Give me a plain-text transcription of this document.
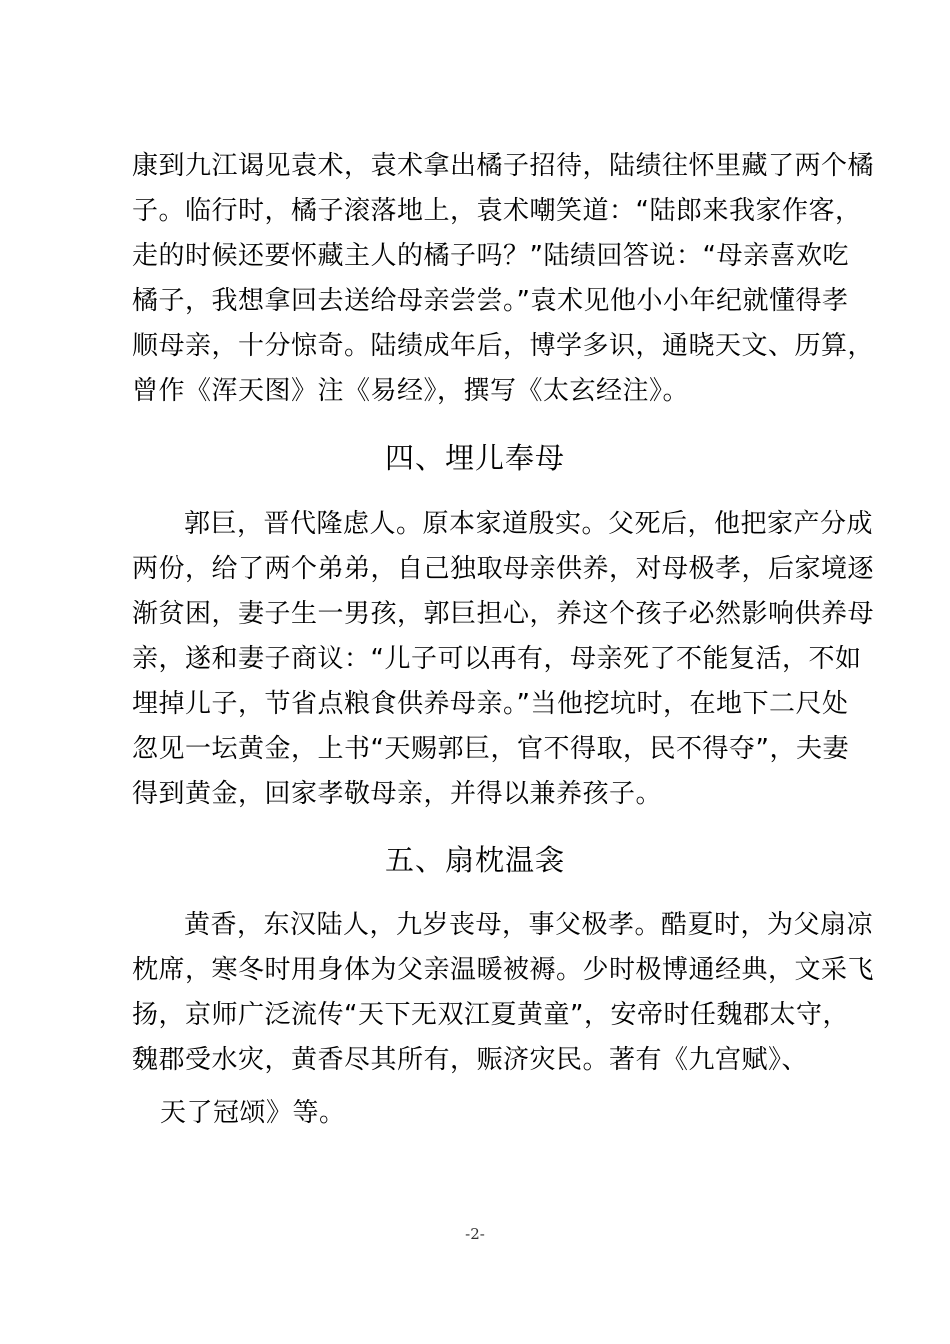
康到九江谒见袁术，袁术拿出橘子招待，陆绩往怀里藏了两个橘
子。临行时，橘子滚落地上，袁术嘲笑道：“陆郎来我家作客，
走的时候还要怀藏主人的橘子吗？”陆绩回答说：“母亲喜欢吃
橘子，我想拿回去送给母亲尝尝。”袁术见他小小年纪就懂得孝
顺母亲，十分惊奇。陆绩成年后，博学多识，通晓天文、历算，
曾作《浑天图》注《易经》，撰写《太玄经注》。
四、埋儿奉母
郭巨，晋代隆虑人。原本家道殷实。父死后，他把家产分成
两份，给了两个弟弟，自己独取母亲供养，对母极孝，后家境逐
渐贫困，妻子生一男孩，郭巨担心，养这个孩子必然影响供养母
亲，遂和妻子商议：“儿子可以再有，母亲死了不能复活，不如
埋掉儿子，节省点粮食供养母亲。”当他挖坑时，在地下二尺处
忽见一坛黄金，上书“天赐郭巨，官不得取，民不得夺”，夫妻
得到黄金，回家孝敬母亲，并得以兼养孩子。
五、扇枕温衾
黄香，东汉陆人，九岁丧母，事父极孝。酷夏时，为父扇凉
枕席，寒冬时用身体为父亲温暖被褥。少时极博通经典，文采飞
扬，京师广泛流传“天下无双江夏黄童”，安帝时任魏郡太守，
魏郡受水灾，黄香尽其所有，赈济灾民。著有《九宫赋》、
天了冠颂》等。
-2-
